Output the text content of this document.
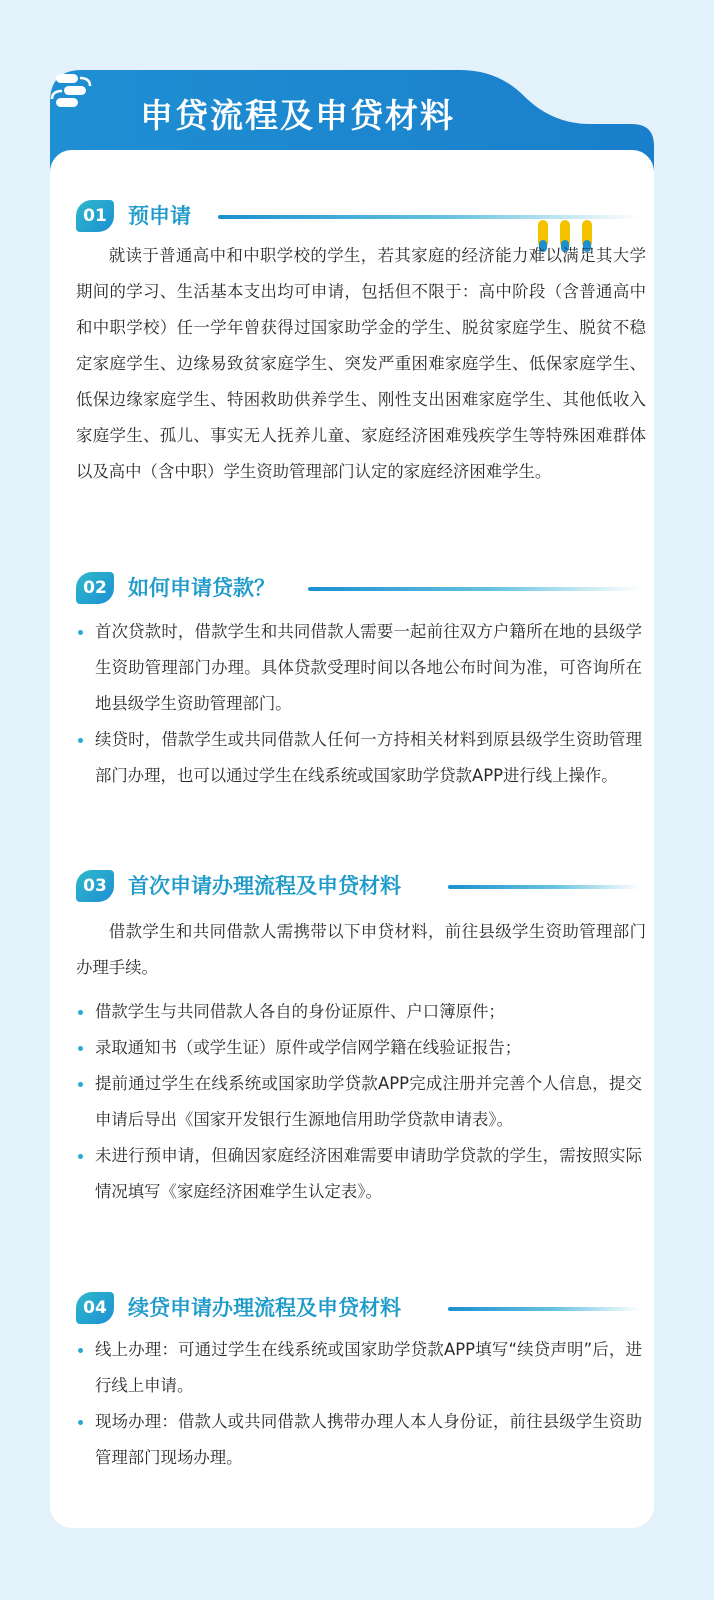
申贷流程及申贷材料
01	预申请

就读于普通高中和中职学校的学生，若其家庭的经济能力难以满足其大学期间的学习、生活基本支出均可申请，包括但不限于：高中阶段（含普通高中和中职学校）任一学年曾获得过国家助学金的学生、脱贫家庭学生、脱贫不稳定家庭学生、边缘易致贫家庭学生、突发严重困难家庭学生、低保家庭学生、低保边缘家庭学生、特困救助供养学生、刚性支出困难家庭学生、其他低收入家庭学生、孤儿、事实无人抚养儿童、家庭经济困难残疾学生等特殊困难群体以及高中（含中职）学生资助管理部门认定的家庭经济困难学生。

02	如何申请贷款？
首次贷款时，借款学生和共同借款人需要一起前往双方户籍所在地的县级学生资助管理部门办理。具体贷款受理时间以各地公布时间为准，可咨询所在地县级学生资助管理部门。
续贷时，借款学生或共同借款人任何一方持相关材料到原县级学生资助管理部门办理，也可以通过学生在线系统或国家助学贷款APP进行线上操作。
03	首次申请办理流程及申贷材料

借款学生和共同借款人需携带以下申贷材料，前往县级学生资助管理部门办理手续。

借款学生与共同借款人各自的身份证原件、户口簿原件；
录取通知书（或学生证）原件或学信网学籍在线验证报告；
提前通过学生在线系统或国家助学贷款APP完成注册并完善个人信息，提交申请后导出《国家开发银行生源地信用助学贷款申请表》。
未进行预申请，但确因家庭经济困难需要申请助学贷款的学生，需按照实际情况填写《家庭经济困难学生认定表》。
04	续贷申请办理流程及申贷材料
线上办理：可通过学生在线系统或国家助学贷款APP填写“续贷声明”后，进行线上申请。
现场办理：借款人或共同借款人携带办理人本人身份证，前往县级学生资助管理部门现场办理。
